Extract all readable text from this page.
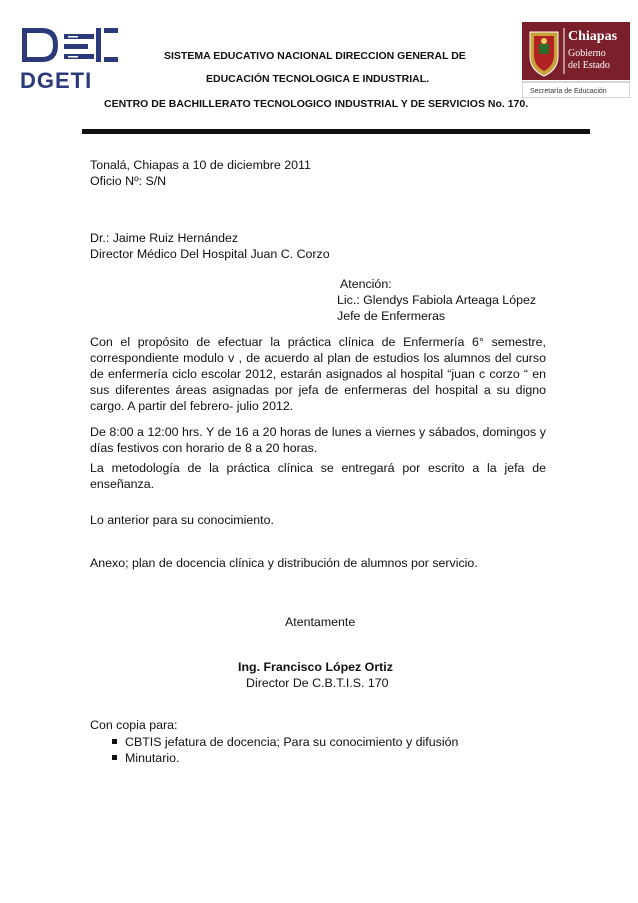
DGETI
SISTEMA EDUCATIVO NACIONAL DIRECCION GENERAL DE
EDUCACIÓN TECNOLOGICA E INDUSTRIAL.
CENTRO DE BACHILLERATO TECNOLOGICO INDUSTRIAL Y DE SERVICIOS No. 170.
Chiapas
Gobierno
del Estado
Secretaría de Educación
Tonalá, Chiapas a 10 de diciembre 2011
Oficio Nº: S/N
Dr.: Jaime Ruiz Hernández
Director Médico Del Hospital Juan C. Corzo
Atención:
Lic.: Glendys Fabiola Arteaga López
Jefe de Enfermeras
Con el propósito de efectuar la práctica clínica de Enfermería 6° semestre, correspondiente modulo v , de acuerdo al plan de estudios los alumnos del curso de enfermería ciclo escolar 2012, estarán asignados al hospital “juan c corzo “ en sus diferentes áreas asignadas por jefa de enfermeras del hospital a su digno cargo. A partir del febrero- julio 2012.
De 8:00 a 12:00 hrs. Y de 16 a 20 horas de lunes a viernes y sábados, domingos y días festivos con horario de 8 a 20 horas.
La metodología de la práctica clínica se entregará por escrito a la jefa de enseñanza.
Lo anterior para su conocimiento.
Anexo; plan de docencia clínica y distribución de alumnos por servicio.
Atentamente
Ing. Francisco López Ortiz
Director De C.B.T.I.S. 170
Con copia para:
CBTIS jefatura de docencia; Para su conocimiento y difusión
Minutario.
